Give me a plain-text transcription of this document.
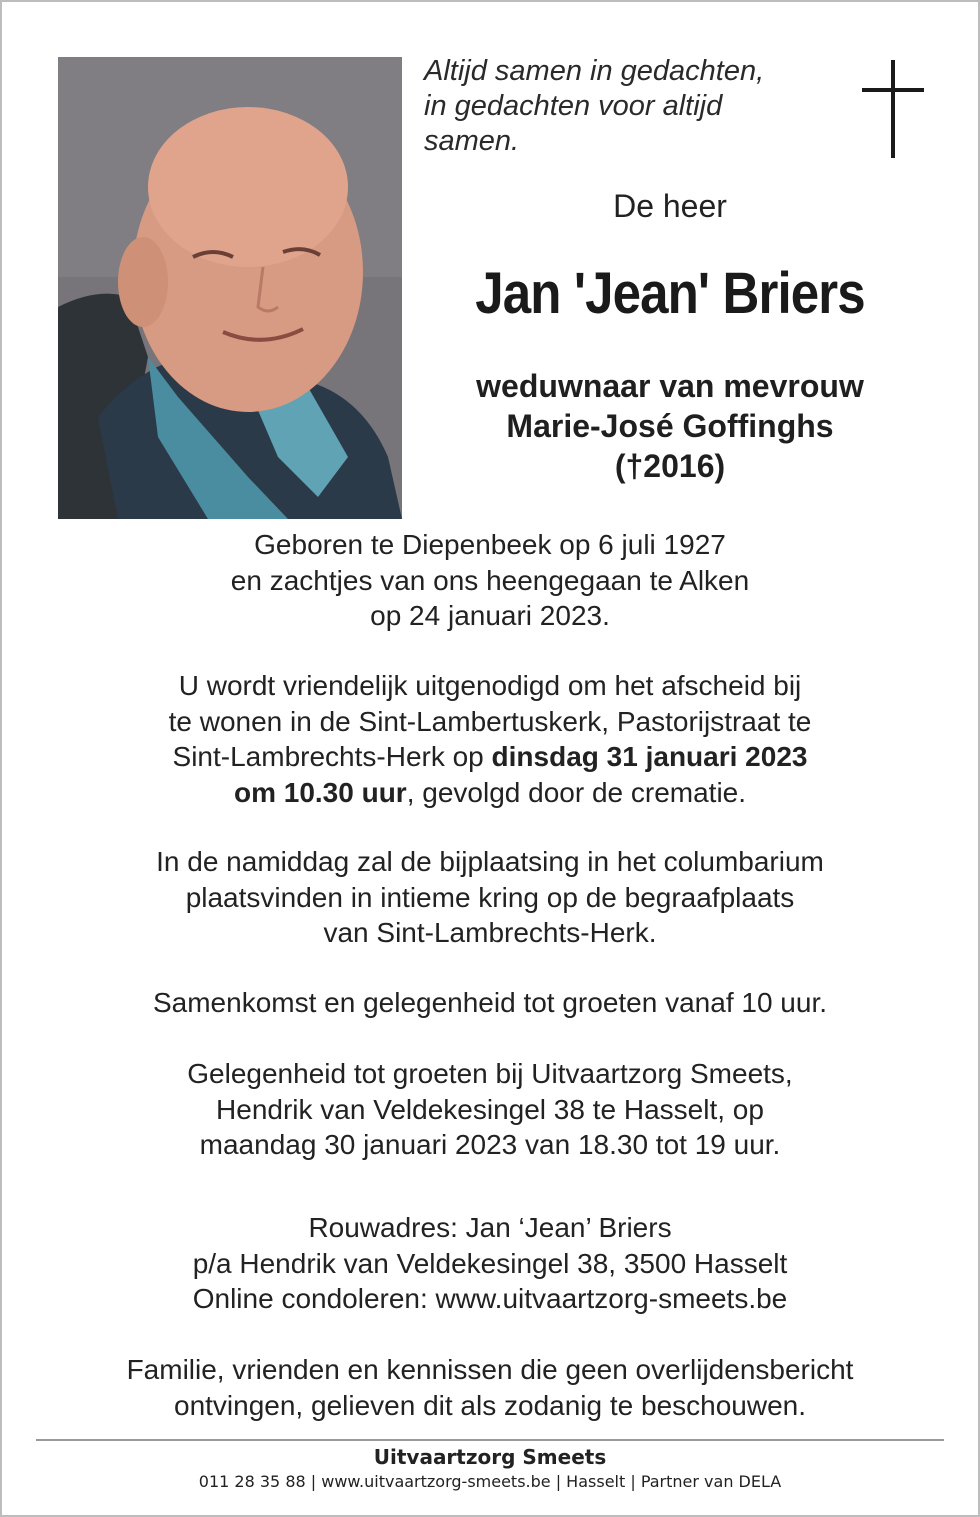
Altijd samen in gedachten,
in gedachten voor altijd
samen.
De heer
Jan 'Jean' Briers
weduwnaar van mevrouw
Marie-José Goffinghs
(†2016)

Geboren te Diepenbeek op 6 juli 1927

en zachtjes van ons heengegaan te Alken

op 24 januari 2023.

U wordt vriendelijk uitgenodigd om het afscheid bij

te wonen in de Sint-Lambertuskerk, Pastorijstraat te

Sint-Lambrechts-Herk op dinsdag 31 januari 2023

om 10.30 uur, gevolgd door de crematie.

In de namiddag zal de bijplaatsing in het columbarium

plaatsvinden in intieme kring op de begraafplaats

van Sint-Lambrechts-Herk.

Samenkomst en gelegenheid tot groeten vanaf 10 uur.

Gelegenheid tot groeten bij Uitvaartzorg Smeets,

Hendrik van Veldekesingel 38 te Hasselt, op

maandag 30 januari 2023 van 18.30 tot 19 uur.

Rouwadres: Jan ‘Jean’ Briers

p/a Hendrik van Veldekesingel 38, 3500 Hasselt

Online condoleren: www.uitvaartzorg-smeets.be

Familie, vrienden en kennissen die geen overlijdensbericht

ontvingen, gelieven dit als zodanig te beschouwen.

Uitvaartzorg Smeets
011 28 35 88 | www.uitvaartzorg-smeets.be | Hasselt | Partner van DELA
